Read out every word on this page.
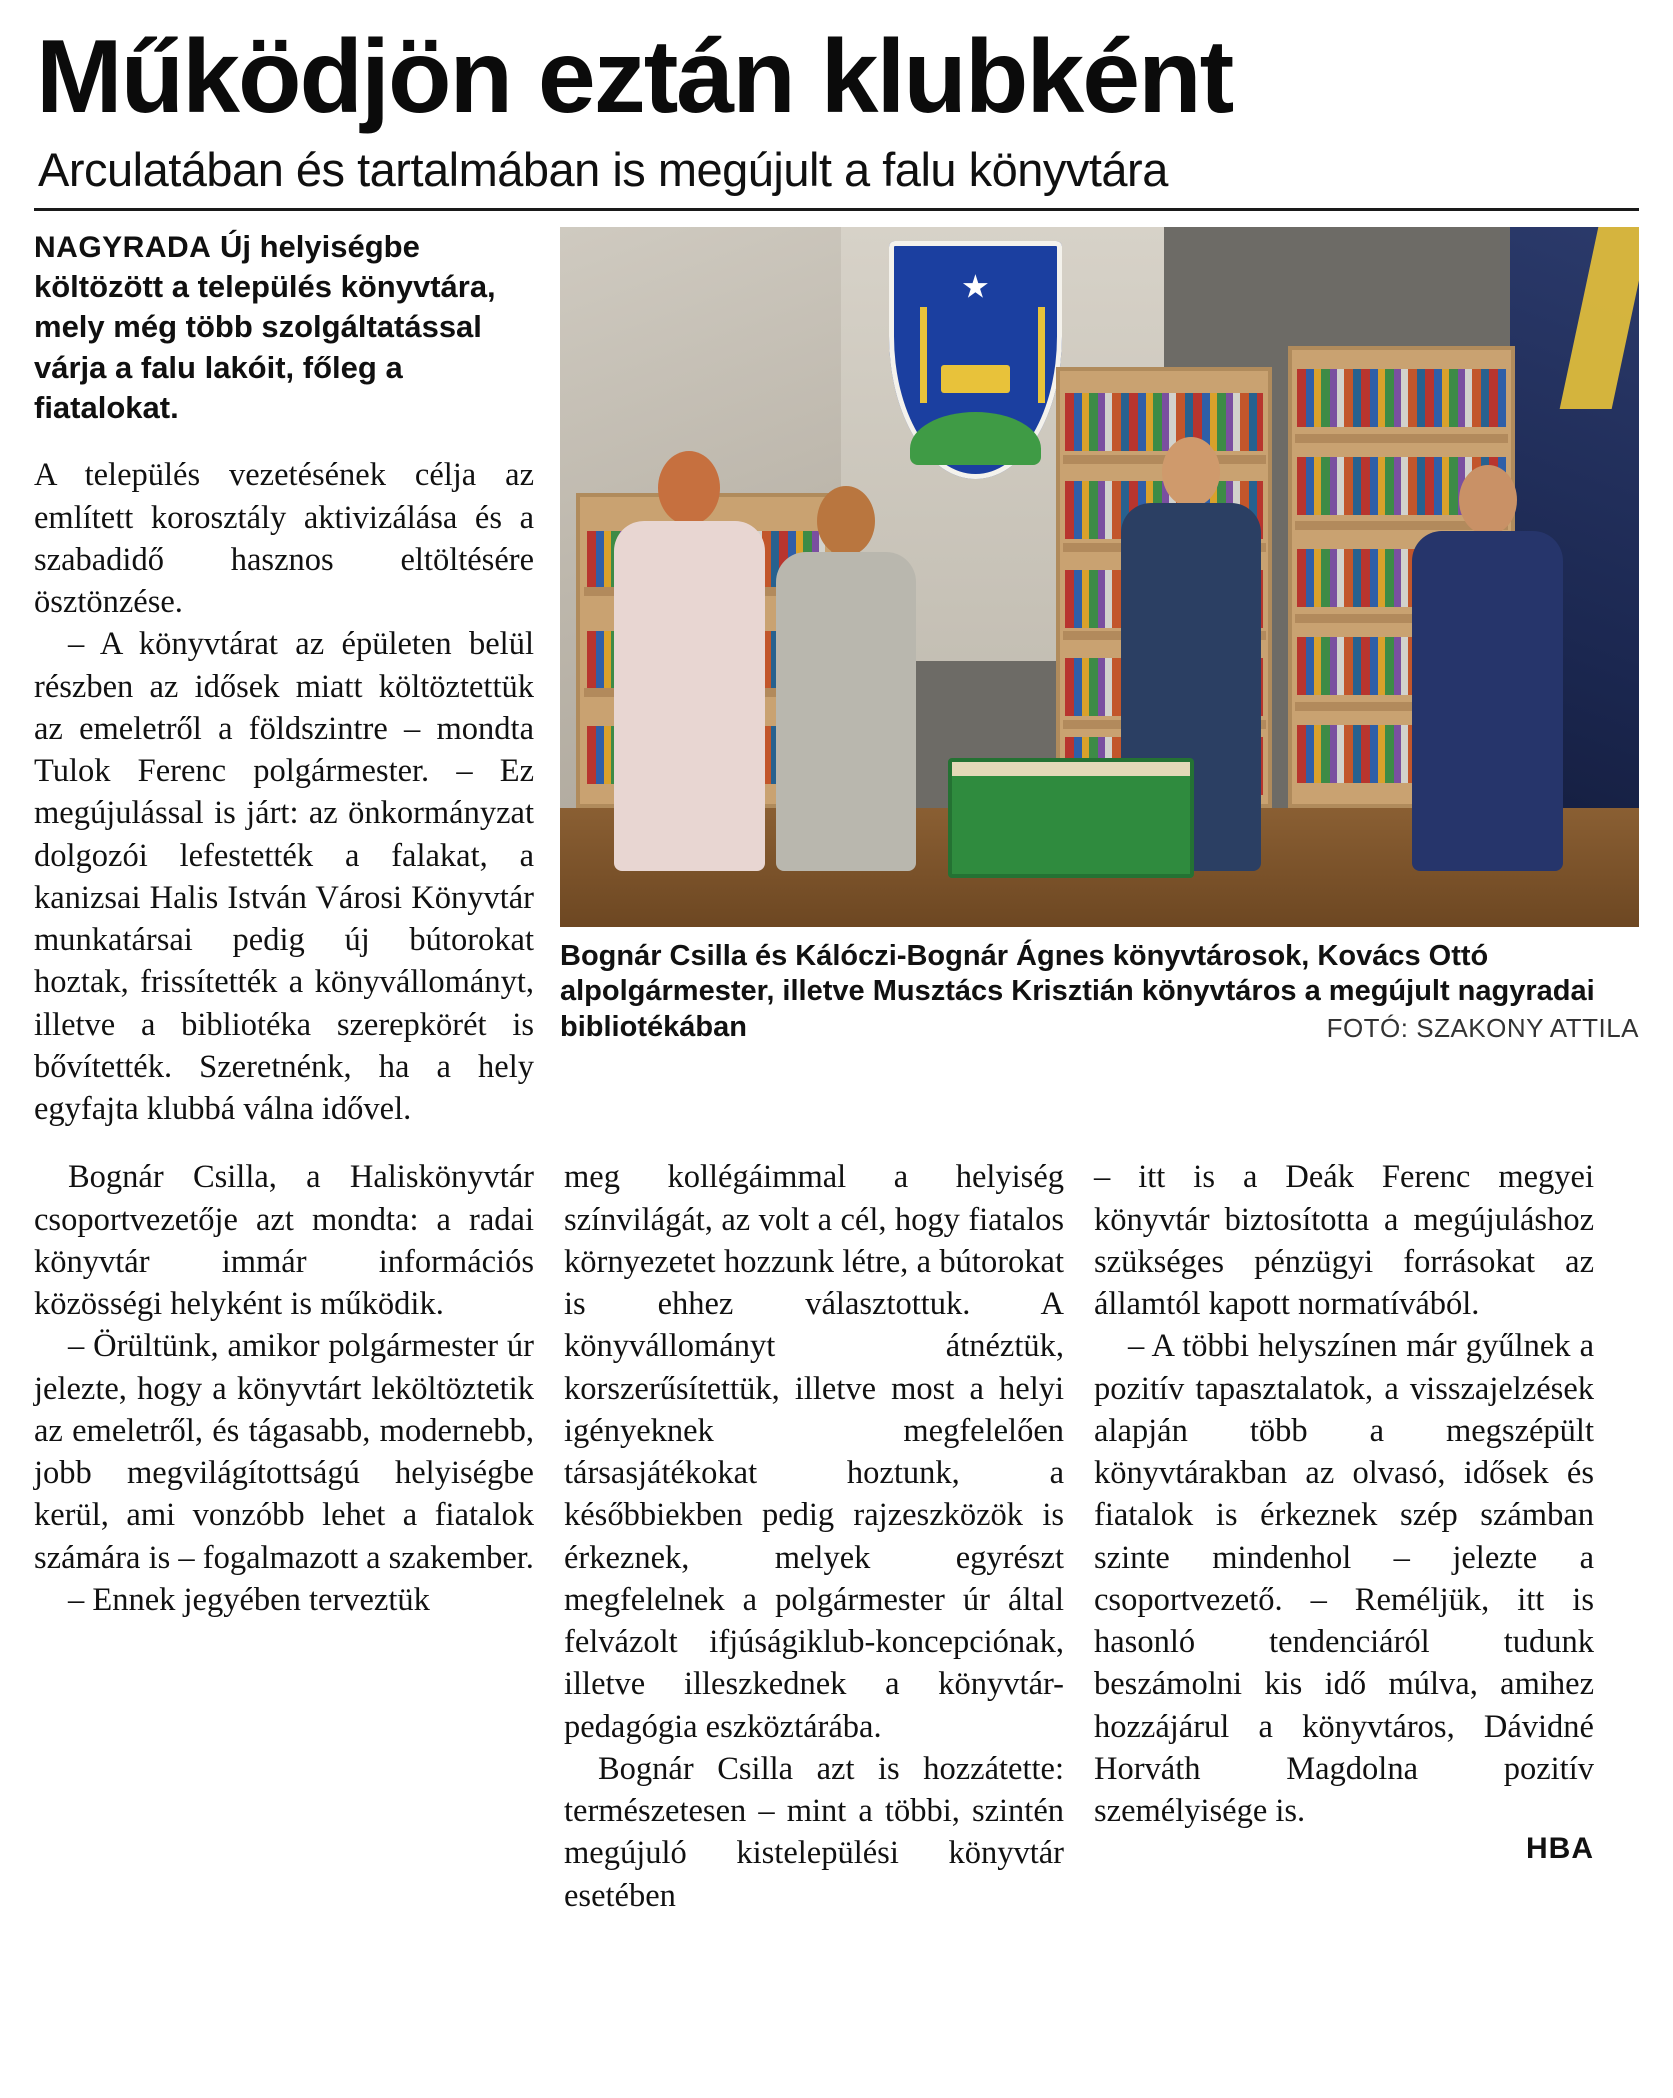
Működjön eztán klubként
Arculatában és tartalmában is megújult a falu könyvtára

NAGYRADA Új helyiségbe költözött a település könyvtára, mely még több szolgáltatással várja a falu lakóit, főleg a fiatalokat.

A település vezetésének célja az említett korosztály aktivizálása és a szabadidő hasznos eltöltésére ösztönzése.

– A könyvtárat az épületen belül részben az idősek miatt költöztettük az emeletről a földszintre – mondta Tulok Ferenc polgármester. – Ez megújulással is járt: az önkormányzat dolgozói lefestették a falakat, a kanizsai Halis István Városi Könyvtár munkatársai pedig új bútorokat hoztak, frissítették a könyvállományt, illetve a bibliotéka szerepkörét is bővítették. Szeretnénk, ha a hely egyfajta klubbá válna idővel.

Bognár Csilla és Kálóczi-Bognár Ágnes könyvtárosok, Kovács Ottó alpolgármester, illetve Musztács Krisztián könyvtáros a megújult nagyradai bibliotékában	FOTÓ: SZAKONY ATTILA

Bognár Csilla, a Haliskönyvtár csoportvezetője azt mondta: a radai könyvtár immár információs közösségi helyként is működik.

– Örültünk, amikor polgármester úr jelezte, hogy a könyvtárt leköltöztetik az emeletről, és tágasabb, modernebb, jobb megvilágítottságú helyiségbe kerül, ami vonzóbb lehet a fiatalok számára is – fogalmazott a szakember.

– Ennek jegyében terveztük

meg kollégáimmal a helyiség színvilágát, az volt a cél, hogy fiatalos környezetet hozzunk létre, a bútorokat is ehhez választottuk. A könyvállományt átnéztük, korszerűsítettük, illetve most a helyi igényeknek megfelelően társasjátékokat hoztunk, a későbbiekben pedig rajzeszközök is érkeznek, melyek egyrészt megfelelnek a polgármester úr által felvázolt ifjúságiklub-koncepciónak, illetve illeszkednek a könyvtár-pedagógia eszköztárába.

Bognár Csilla azt is hozzátette: természetesen – mint a többi, szintén megújuló kistelepülési könyvtár esetében

– itt is a Deák Ferenc megyei könyvtár biztosította a megújuláshoz szükséges pénzügyi forrásokat az államtól kapott normatívából.

– A többi helyszínen már gyűlnek a pozitív tapasztalatok, a visszajelzések alapján több a megszépült könyvtárakban az olvasó, idősek és fiatalok is érkeznek szép számban szinte mindenhol – jelezte a csoportvezető. – Reméljük, itt is hasonló tendenciáról tudunk beszámolni kis idő múlva, amihez hozzájárul a könyvtáros, Dávidné Horváth Magdolna pozitív személyisége is.

HBA
